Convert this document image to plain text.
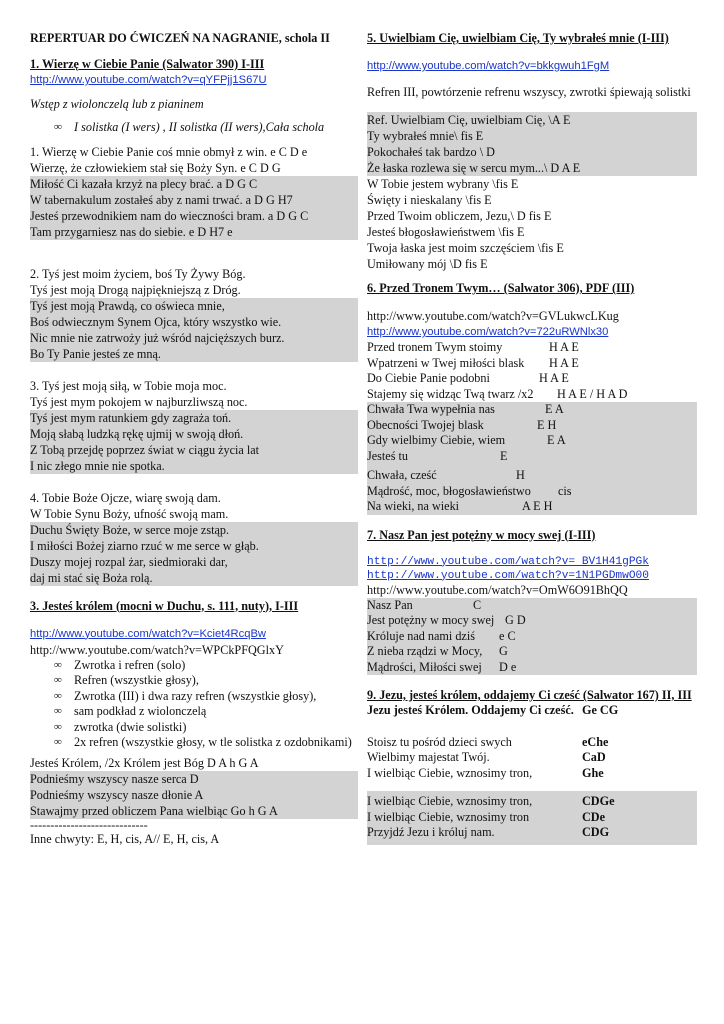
REPERTUAR DO ĆWICZEŃ NA NAGRANIE, schola II
1. Wierzę w Ciebie Panie (Salwator 390) I-III
http://www.youtube.com/watch?v=qYFPjj1S67U
Wstęp z wiolonczelą lub z pianinem
∞ I solistka (I wers) , II solistka (II wers),Cała schola
1. Wierzę w Ciebie Panie coś mnie obmył z win. e C D e
Wierzę, że człowiekiem stał się Boży Syn. e C D G
Miłość Ci kazała krzyż na plecy brać. a D G C
W tabernakulum zostałeś aby z nami trwać. a D G H7
Jesteś przewodnikiem nam do wieczności bram. a D G C
Tam przygarniesz nas do siebie. e D H7 e
2. Tyś jest moim życiem, boś Ty Żywy Bóg.
Tyś jest moją Drogą najpiękniejszą z Dróg.
Tyś jest moją Prawdą, co oświeca mnie,
Boś odwiecznym Synem Ojca, który wszystko wie.
Nic mnie nie zatrwoży już wśród najcięższych burz.
Bo Ty Panie jesteś ze mną.
3. Tyś jest moją siłą, w Tobie moja moc.
Tyś jest mym pokojem w najburzliwszą noc.
Tyś jest mym ratunkiem gdy zagraża toń.
Moją słabą ludzką rękę ujmij w swoją dłoń.
Z Tobą przejdę poprzez świat w ciągu życia lat
I nic złego mnie nie spotka.
4. Tobie Boże Ojcze, wiarę swoją dam.
W Tobie Synu Boży, ufność swoją mam.
Duchu Święty Boże, w serce moje zstąp.
I miłości Bożej ziarno rzuć w me serce w głąb.
Duszy mojej rozpal żar, siedmioraki dar,
daj mi stać się Boża rolą.
3. Jesteś królem (mocni w Duchu, s. 111, nuty), I-III
http://www.youtube.com/watch?v=Kciet4RcqBw
http://www.youtube.com/watch?v=WPCkPFQGlxY
∞ Zwrotka i refren (solo)
∞ Refren (wszystkie głosy),
∞ Zwrotka (III) i dwa razy refren (wszystkie głosy),
∞ sam podkład z wiolonczelą
∞ zwrotka (dwie solistki)
∞ 2x refren (wszystkie głosy, w tle solistka z ozdobnikami)
Jesteś Królem, /2x Królem jest Bóg D A h G A
Podnieśmy wszyscy nasze serca D
Podnieśmy wszyscy nasze dłonie A
Stawajmy przed obliczem Pana wielbiąc Go h G A
-----------------------------
Inne chwyty: E, H, cis, A// E, H, cis, A
5. Uwielbiam Cię, uwielbiam Cię, Ty wybrałeś mnie (I-III)
http://www.youtube.com/watch?v=bkkgwuh1FgM
Refren III, powtórzenie refrenu wszyscy, zwrotki śpiewają solistki
Ref. Uwielbiam Cię, uwielbiam Cię, \A E
Ty wybrałeś mnie\ fis E
Pokochałeś tak bardzo \ D
Że łaska rozlewa się w sercu mym...\ D A E
W Tobie jestem wybrany \fis E
Święty i nieskalany \fis E
Przed Twoim obliczem, Jezu,\ D fis E
Jesteś błogosławieństwem \fis E
Twoja łaska jest moim szczęściem \fis E
Umiłowany mój \D fis E
6. Przed Tronem Twym… (Salwator 306), PDF (III)
http://www.youtube.com/watch?v=GVLukwcLKug
http://www.youtube.com/watch?v=722uRWNlx30
Przed tronem Twym stoimy	H A E
Wpatrzeni w Twej miłości blask H A E
Do Ciebie Panie podobni	H A E
Stajemy się widząc Twą twarz /x2 H A E / H A D
Chwała Twa wypełnia nas	E A
Obecności Twojej blask	E H
Gdy wielbimy Ciebie, wiem	E A
Jesteś tu	E
Chwała, cześć	H
Mądrość, moc, błogosławieństwo cis
Na wieki, na wieki	A E H
7. Nasz Pan jest potężny w mocy swej (I-III)
http://www.youtube.com/watch?v= BV1H41gPGk
http://www.youtube.com/watch?v=1N1PGDmwO00
http://www.youtube.com/watch?v=OmW6O91BhQQ
Nasz Pan	C
Jest potężny w mocy swej G D
Króluje nad nami dziś e C
Z nieba rządzi w Mocy, G
Mądrości, Miłości swej D e
9. Jezu, jesteś królem, oddajemy Ci cześć (Salwator 167) II, III
Jezu jesteś Królem. Oddajemy Ci cześć. Ge CG
Stoisz tu pośród dzieci swych	eChe
Wielbimy majestat Twój.	CaD
I wielbiąc Ciebie, wznosimy tron,	Ghe
I wielbiąc Ciebie, wznosimy tron,	CDGe
I wielbiąc Ciebie, wznosimy tron	CDe
Przyjdź Jezu i króluj nam.	CDG
